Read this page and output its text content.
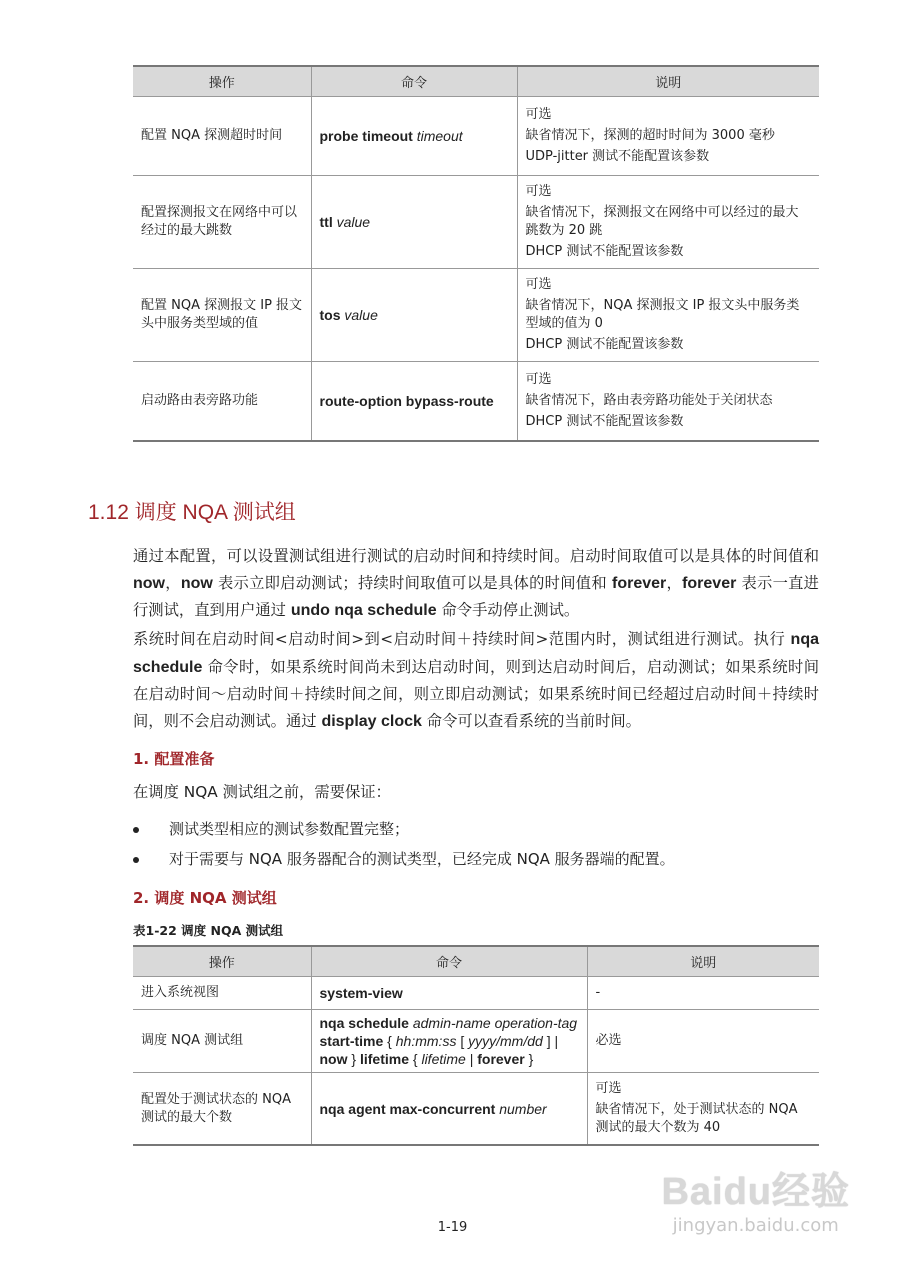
操作	命令	说明
配置 NQA 探测超时时间	probe timeout timeout	可选
缺省情况下，探测的超时时间为 3000 毫秒
UDP-jitter 测试不能配置该参数

配置探测报文在网络中可以经过的最大跳数	ttl value	可选
缺省情况下，探测报文在网络中可以经过的最大跳数为 20 跳
DHCP 测试不能配置该参数

配置 NQA 探测报文 IP 报文头中服务类型域的值	tos value	可选
缺省情况下，NQA 探测报文 IP 报文头中服务类型域的值为 0
DHCP 测试不能配置该参数

启动路由表旁路功能	route-option bypass-route	可选
缺省情况下，路由表旁路功能处于关闭状态
DHCP 测试不能配置该参数
1.12 调度 NQA 测试组

通过本配置，可以设置测试组进行测试的启动时间和持续时间。启动时间取值可以是具体的时间值和 now，now 表示立即启动测试；持续时间取值可以是具体的时间值和 forever，forever 表示一直进行测试，直到用户通过 undo nqa schedule 命令手动停止测试。

系统时间在启动时间<启动时间>到<启动时间＋持续时间>范围内时，测试组进行测试。执行 nqa schedule 命令时，如果系统时间尚未到达启动时间，则到达启动时间后，启动测试；如果系统时间在启动时间～启动时间＋持续时间之间，则立即启动测试；如果系统时间已经超过启动时间＋持续时间，则不会启动测试。通过 display clock 命令可以查看系统的当前时间。

1. 配置准备
在调度 NQA 测试组之前，需要保证：
测试类型相应的测试参数配置完整；
对于需要与 NQA 服务器配合的测试类型，已经完成 NQA 服务器端的配置。
2. 调度 NQA 测试组
表1-22 调度 NQA 测试组
操作	命令	说明
进入系统视图	system-view	-

调度 NQA 测试组	nqa schedule admin-name operation-tag start-time { hh:mm:ss [ yyyy/mm/dd ] | now } lifetime { lifetime | forever }	必选

配置处于测试状态的 NQA 测试的最大个数	nqa agent max-concurrent number	可选
缺省情况下，处于测试状态的 NQA 测试的最大个数为 40
1-19
Baidu经验
jingyan.baidu.com
